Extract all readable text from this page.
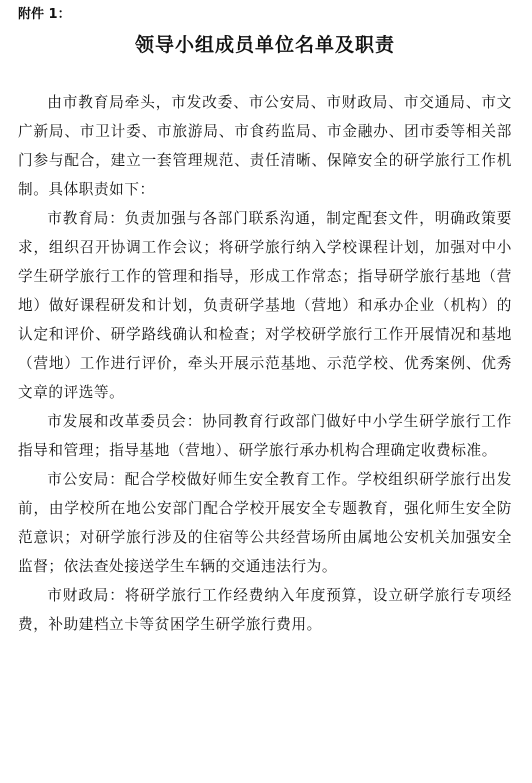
附件 1：

领导小组成员单位名单及职责

由市教育局牵头，市发改委、市公安局、市财政局、市交通局、市文广新局、市卫计委、市旅游局、市食药监局、市金融办、团市委等相关部门参与配合，建立一套管理规范、责任清晰、保障安全的研学旅行工作机制。具体职责如下：

市教育局：负责加强与各部门联系沟通，制定配套文件，明确政策要求，组织召开协调工作会议；将研学旅行纳入学校课程计划，加强对中小学生研学旅行工作的管理和指导，形成工作常态；指导研学旅行基地（营地）做好课程研发和计划，负责研学基地（营地）和承办企业（机构）的认定和评价、研学路线确认和检查；对学校研学旅行工作开展情况和基地（营地）工作进行评价，牵头开展示范基地、示范学校、优秀案例、优秀文章的评选等。

市发展和改革委员会：协同教育行政部门做好中小学生研学旅行工作指导和管理；指导基地（营地）、研学旅行承办机构合理确定收费标准。

市公安局：配合学校做好师生安全教育工作。学校组织研学旅行出发前，由学校所在地公安部门配合学校开展安全专题教育，强化师生安全防范意识；对研学旅行涉及的住宿等公共经营场所由属地公安机关加强安全监督；依法查处接送学生车辆的交通违法行为。

市财政局：将研学旅行工作经费纳入年度预算，设立研学旅行专项经费，补助建档立卡等贫困学生研学旅行费用。
